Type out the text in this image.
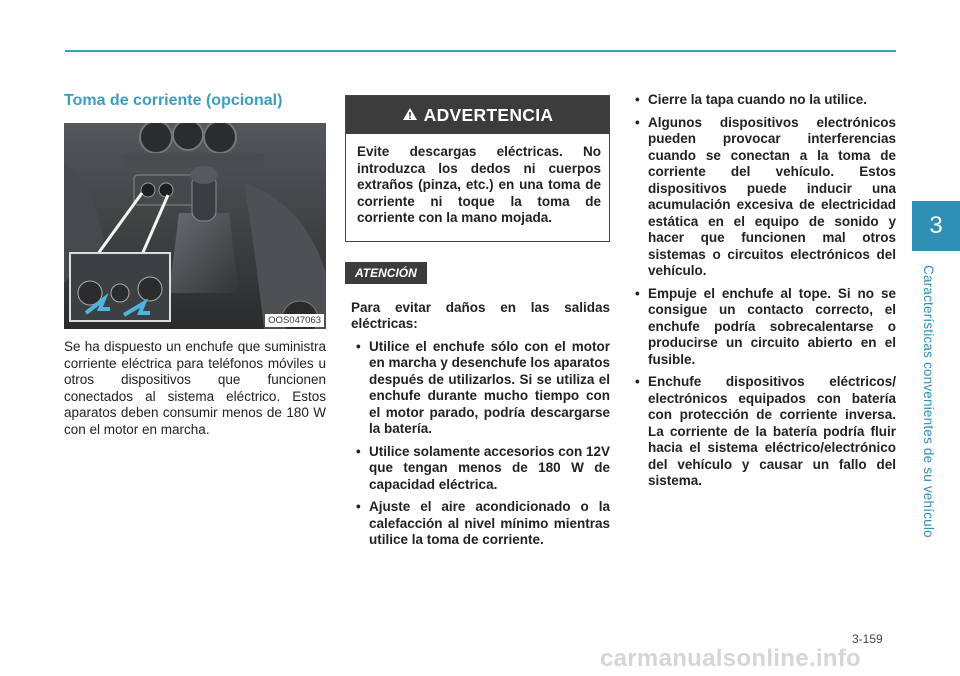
3
Características convenientes de su vehículo
Toma de corriente (opcional)
OOS047063
Se ha dispuesto un enchufe que suministra corriente eléctrica para teléfonos móviles u otros dispositivos que funcionen conectados al sistema eléctrico. Estos aparatos deben consumir menos de 180 W con el motor en marcha.
ADVERTENCIA
Evite descargas eléctricas. No introduzca los dedos ni cuerpos extraños (pinza, etc.) en una toma de corriente ni toque la toma de corriente con la mano mojada.
ATENCIÓN
Para evitar daños en las salidas eléctricas:
• Utilice el enchufe sólo con el motor en marcha y desenchufe los aparatos después de utilizarlos. Si se utiliza el enchufe durante mucho tiempo con el motor parado, podría descargarse la batería.
• Utilice solamente accesorios con 12V que tengan menos de 180 W de capacidad eléctrica.
• Ajuste el aire acondicionado o la calefacción al nivel mínimo mientras utilice la toma de corriente.
• Cierre la tapa cuando no la utilice.
• Algunos dispositivos electrónicos pueden provocar interferencias cuando se conectan a la toma de corriente del vehículo. Estos dispositivos puede inducir una acumulación excesiva de electricidad estática en el equipo de sonido y hacer que funcionen mal otros sistemas o circuitos electrónicos del vehículo.
• Empuje el enchufe al tope. Si no se consigue un contacto correcto, el enchufe podría sobrecalentarse o producirse un circuito abierto en el fusible.
• Enchufe dispositivos eléctricos/ electrónicos equipados con batería con protección de corriente inversa. La corriente de la batería podría fluir hacia el sistema eléctrico/electrónico del vehículo y causar un fallo del sistema.
3-159
carmanualsonline.info
